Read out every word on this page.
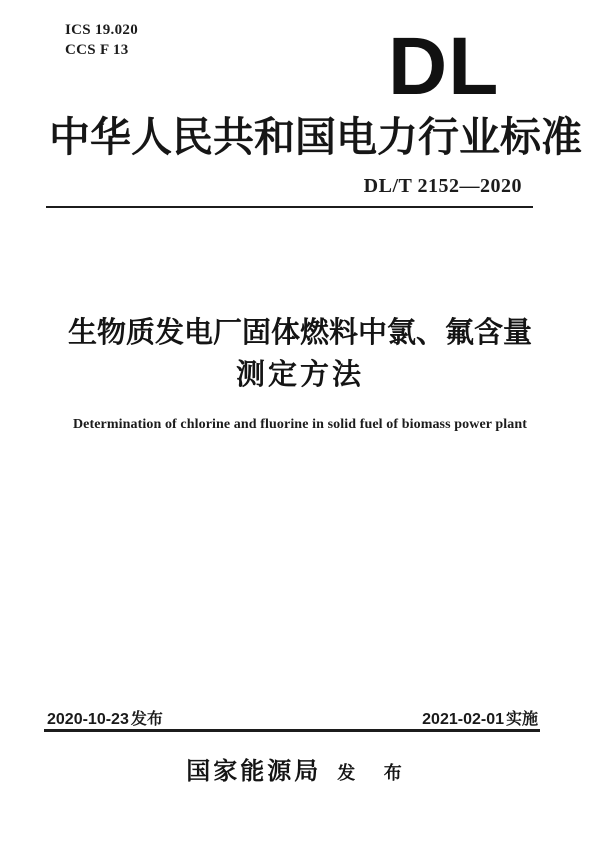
ICS 19.020
CCS F 13	DL
中华人民共和国电力行业标准
DL/T 2152—2020
生物质发电厂固体燃料中氯、氟含量
测定方法
Determination of chlorine and fluorine in solid fuel of biomass power plant
2020-10-23 发布	2021-02-01 实施
国家能源局 发 布
